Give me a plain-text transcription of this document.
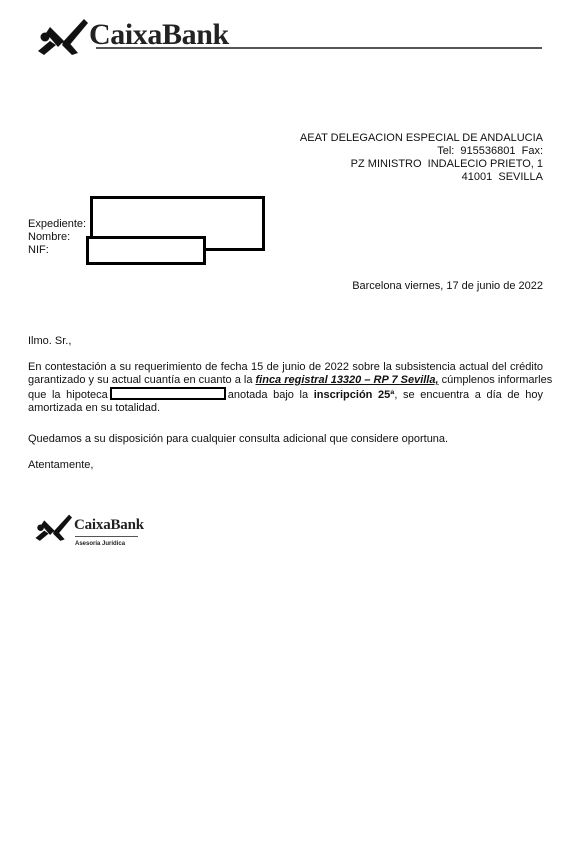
CaixaBank
AEAT DELEGACION ESPECIAL DE ANDALUCIA
Tel:  915536801  Fax:
PZ MINISTRO  INDALECIO PRIETO, 1
41001  SEVILLA
Expediente:
Nombre:
NIF:
Barcelona viernes, 17 de junio de 2022
Ilmo. Sr.,
En contestación a su requerimiento de fecha 15 de junio de 2022 sobre la subsistencia actual del crédito
garantizado y su actual cuantía en cuanto a la finca registral 13320 – RP 7 Sevilla, cúmplenos informarles
que la hipoteca	anotada bajo la inscripción 25ª, se encuentra a día de hoy
amortizada en su totalidad.
Quedamos a su disposición para cualquier consulta adicional que considere oportuna.
Atentamente,
CaixaBank
Asesoría Jurídica
